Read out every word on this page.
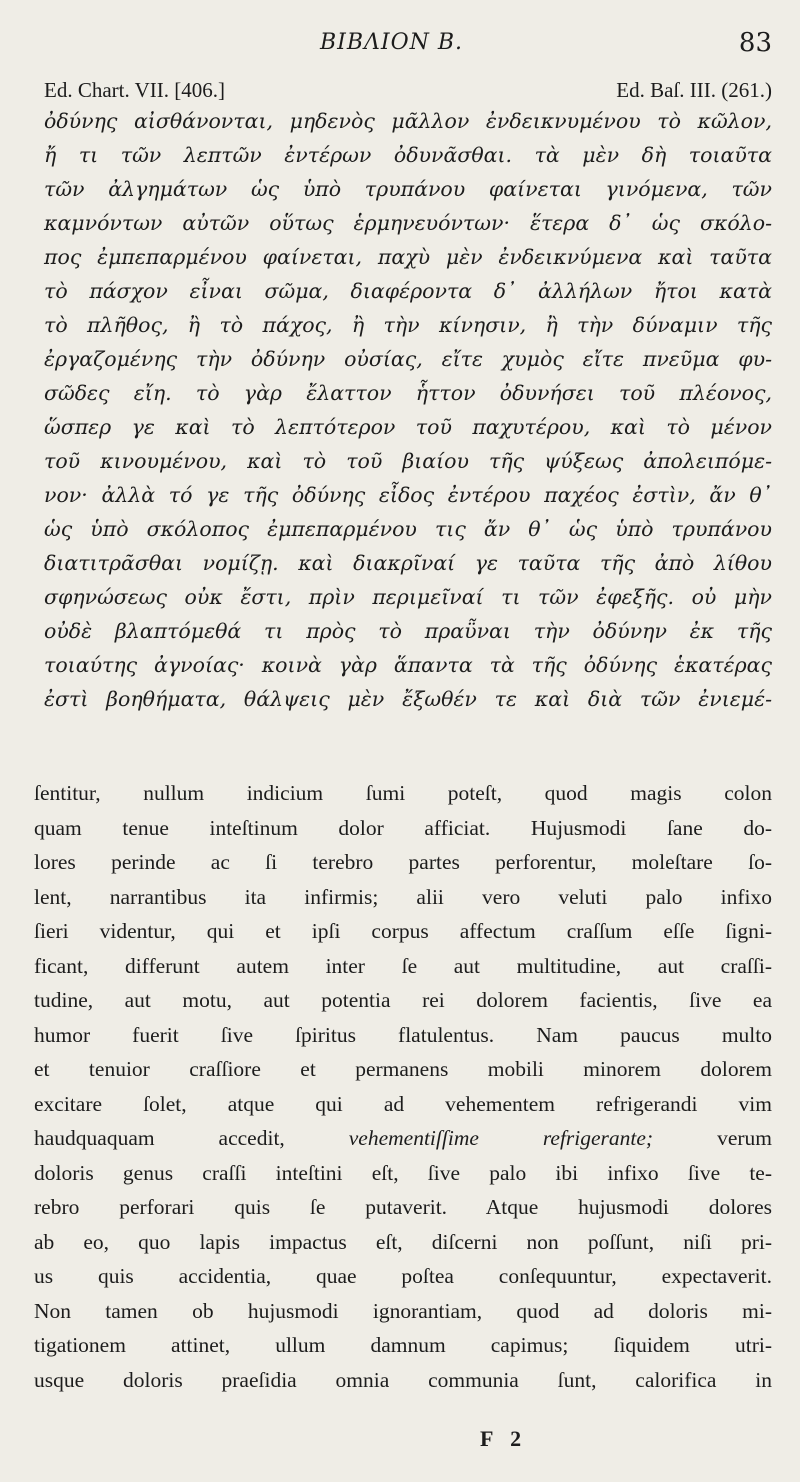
BIBΛΙΟΝ Β.	83
Ed. Chart. VII. [406.]	Ed. Baſ. III. (261.)
ὀδύνης αἰσθάνονται, μηδενὸς μᾶλλον ἐνδεικνυμένου τὸ κῶλον,
ἤ τι τῶν λεπτῶν ἐντέρων ὀδυνᾶσθαι. τὰ μὲν δὴ τοιαῦτα
τῶν ἀλγημάτων ὡς ὑπὸ τρυπάνου φαίνεται γινόμενα, τῶν
καμνόντων αὐτῶν οὕτως ἑρμηνευόντων· ἕτερα δ᾽ ὡς σκόλο-
πος ἐμπεπαρμένου φαίνεται, παχὺ μὲν ἐνδεικνύμενα καὶ ταῦτα
τὸ πάσχον εἶναι σῶμα, διαφέροντα δ᾽ ἀλλήλων ἤτοι κατὰ
τὸ πλῆθος, ἢ τὸ πάχος, ἢ τὴν κίνησιν, ἢ τὴν δύναμιν τῆς
ἐργαζομένης τὴν ὀδύνην οὐσίας, εἴτε χυμὸς εἴτε πνεῦμα φυ-
σῶδες εἴη. τὸ γὰρ ἔλαττον ἧττον ὀδυνήσει τοῦ πλέονος,
ὥσπερ γε καὶ τὸ λεπτότερον τοῦ παχυτέρου, καὶ τὸ μένον
τοῦ κινουμένου, καὶ τὸ τοῦ βιαίου τῆς ψύξεως ἀπολειπόμε-
νον· ἀλλὰ τό γε τῆς ὀδύνης εἶδος ἐντέρου παχέος ἐστὶν, ἄν θ᾽
ὡς ὑπὸ σκόλοπος ἐμπεπαρμένου τις ἄν θ᾽ ὡς ὑπὸ τρυπάνου
διατιτρᾶσθαι νομίζῃ. καὶ διακρῖναί γε ταῦτα τῆς ἀπὸ λίθου
σφηνώσεως οὐκ ἔστι, πρὶν περιμεῖναί τι τῶν ἐφεξῆς. οὐ μὴν
οὐδὲ βλαπτόμεθά τι πρὸς τὸ πραῧναι τὴν ὀδύνην ἐκ τῆς
τοιαύτης ἀγνοίας· κοινὰ γὰρ ἅπαντα τὰ τῆς ὀδύνης ἑκατέρας
ἐστὶ βοηθήματα, θάλψεις μὲν ἔξωθέν τε καὶ διὰ τῶν ἐνιεμέ-
ſentitur, nullum indicium ſumi poteſt, quod magis colon
quam tenue inteſtinum dolor afficiat. Hujusmodi ſane do-
lores perinde ac ſi terebro partes perforentur, moleſtare ſo-
lent, narrantibus ita infirmis; alii vero veluti palo infixo
ſieri videntur, qui et ipſi corpus affectum craſſum eſſe ſigni-
ficant, differunt autem inter ſe aut multitudine, aut craſſi-
tudine, aut motu, aut potentia rei dolorem facientis, ſive ea
humor fuerit ſive ſpiritus flatulentus. Nam paucus multo
et tenuior craſſiore et permanens mobili minorem dolorem
excitare ſolet, atque qui ad vehementem refrigerandi vim
haudquaquam accedit,	vehementiſſime refrigerante;	verum
doloris genus craſſi inteſtini eſt, ſive palo ibi infixo ſive te-
rebro perforari quis ſe putaverit. Atque hujusmodi dolores
ab eo, quo lapis impactus eſt, diſcerni non poſſunt, niſi pri-
us quis accidentia, quae poſtea conſequuntur, expectaverit.
Non tamen ob hujusmodi ignorantiam, quod ad doloris mi-
tigationem attinet, ullum damnum capimus; ſiquidem utri-
usque doloris praeſidia omnia communia ſunt, calorifica in
F 2
